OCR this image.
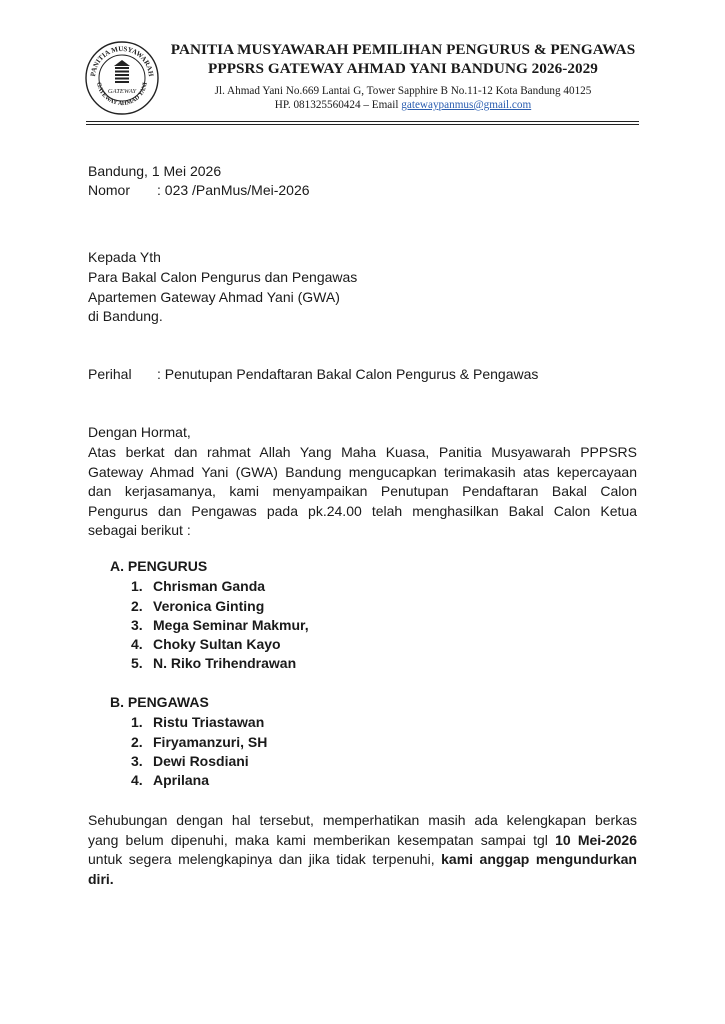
PANITIA MUSYAWARAH
GATEWAY AHMAD YANI
GATEWAY
PANITIA MUSYAWARAH PEMILIHAN PENGURUS & PENGAWAS
PPPSRS GATEWAY AHMAD YANI BANDUNG 2026-2029
Jl. Ahmad Yani No.669 Lantai G, Tower Sapphire B No.11-12 Kota Bandung 40125
HP. 081325560424 – Email gatewaypanmus@gmail.com
Bandung, 1 Mei 2026
Nomor : 023 /PanMus/Mei-2026
Kepada Yth
Para Bakal Calon Pengurus dan Pengawas
Apartemen Gateway Ahmad Yani (GWA)
di Bandung.
Perihal : Penutupan Pendaftaran Bakal Calon Pengurus & Pengawas
Dengan Hormat,
Atas berkat dan rahmat Allah Yang Maha Kuasa, Panitia Musyawarah PPPSRS
Gateway Ahmad Yani (GWA) Bandung mengucapkan terimakasih atas kepercayaan
dan kerjasamanya, kami menyampaikan Penutupan Pendaftaran Bakal Calon
Pengurus dan Pengawas pada pk.24.00 telah menghasilkan Bakal Calon Ketua
sebagai berikut :
A. PENGURUS
1. Chrisman Ganda
2. Veronica Ginting
3. Mega Seminar Makmur,
4. Choky Sultan Kayo
5. N. Riko Trihendrawan
B. PENGAWAS
1. Ristu Triastawan
2. Firyamanzuri, SH
3. Dewi Rosdiani
4. Aprilana
Sehubungan dengan hal tersebut, memperhatikan masih ada kelengkapan berkas
yang belum dipenuhi, maka kami memberikan kesempatan sampai tgl 10 Mei-2026
untuk segera melengkapinya dan jika tidak terpenuhi, kami anggap mengundurkan
diri.
